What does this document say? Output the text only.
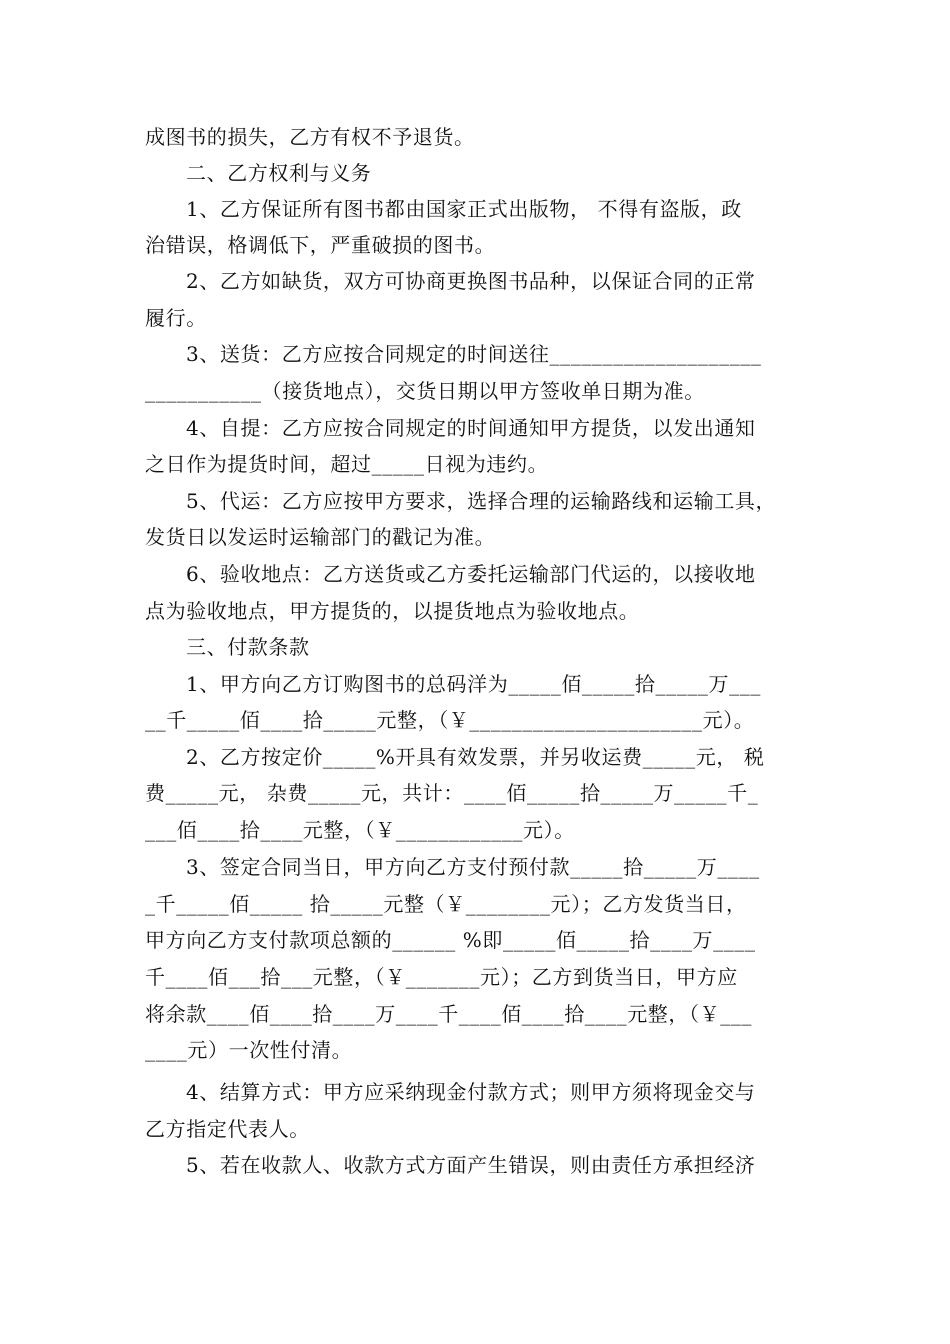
成图书的损失，乙方有权不予退货。
二、乙方权利与义务
1、乙方保证所有图书都由国家正式出版物， 不得有盗版，政
治错误，格调低下，严重破损的图书。
2、乙方如缺货，双方可协商更换图书品种，以保证合同的正常
履行。
3、送货：乙方应按合同规定的时间送往____________________
___________（接货地点），交货日期以甲方签收单日期为准。
4、自提：乙方应按合同规定的时间通知甲方提货，以发出通知
之日作为提货时间，超过_____日视为违约。
5、代运：乙方应按甲方要求，选择合理的运输路线和运输工具，
发货日以发运时运输部门的戳记为准。
6、验收地点：乙方送货或乙方委托运输部门代运的，以接收地
点为验收地点，甲方提货的，以提货地点为验收地点。
三、付款条款
1、甲方向乙方订购图书的总码洋为_____佰_____拾_____万___
__千_____佰____拾_____元整，（￥______________________元）。
2、乙方按定价_____%开具有效发票，并另收运费_____元， 税
费_____元， 杂费_____元，共计：____佰_____拾_____万_____千_
___佰____拾____元整，（￥____________元）。
3、签定合同当日，甲方向乙方支付预付款_____拾_____万____
_千_____佰_____ 拾_____元整（￥________元）；乙方发货当日，
甲方向乙方支付款项总额的______ %即_____佰_____拾____万____
千____佰___拾___元整，（￥_______元）；乙方到货当日，甲方应
将余款____佰____拾____万____千____佰____拾____元整，（￥___
____元）一次性付清。
4、结算方式：甲方应采纳现金付款方式；则甲方须将现金交与
乙方指定代表人。
5、若在收款人、收款方式方面产生错误，则由责任方承担经济
